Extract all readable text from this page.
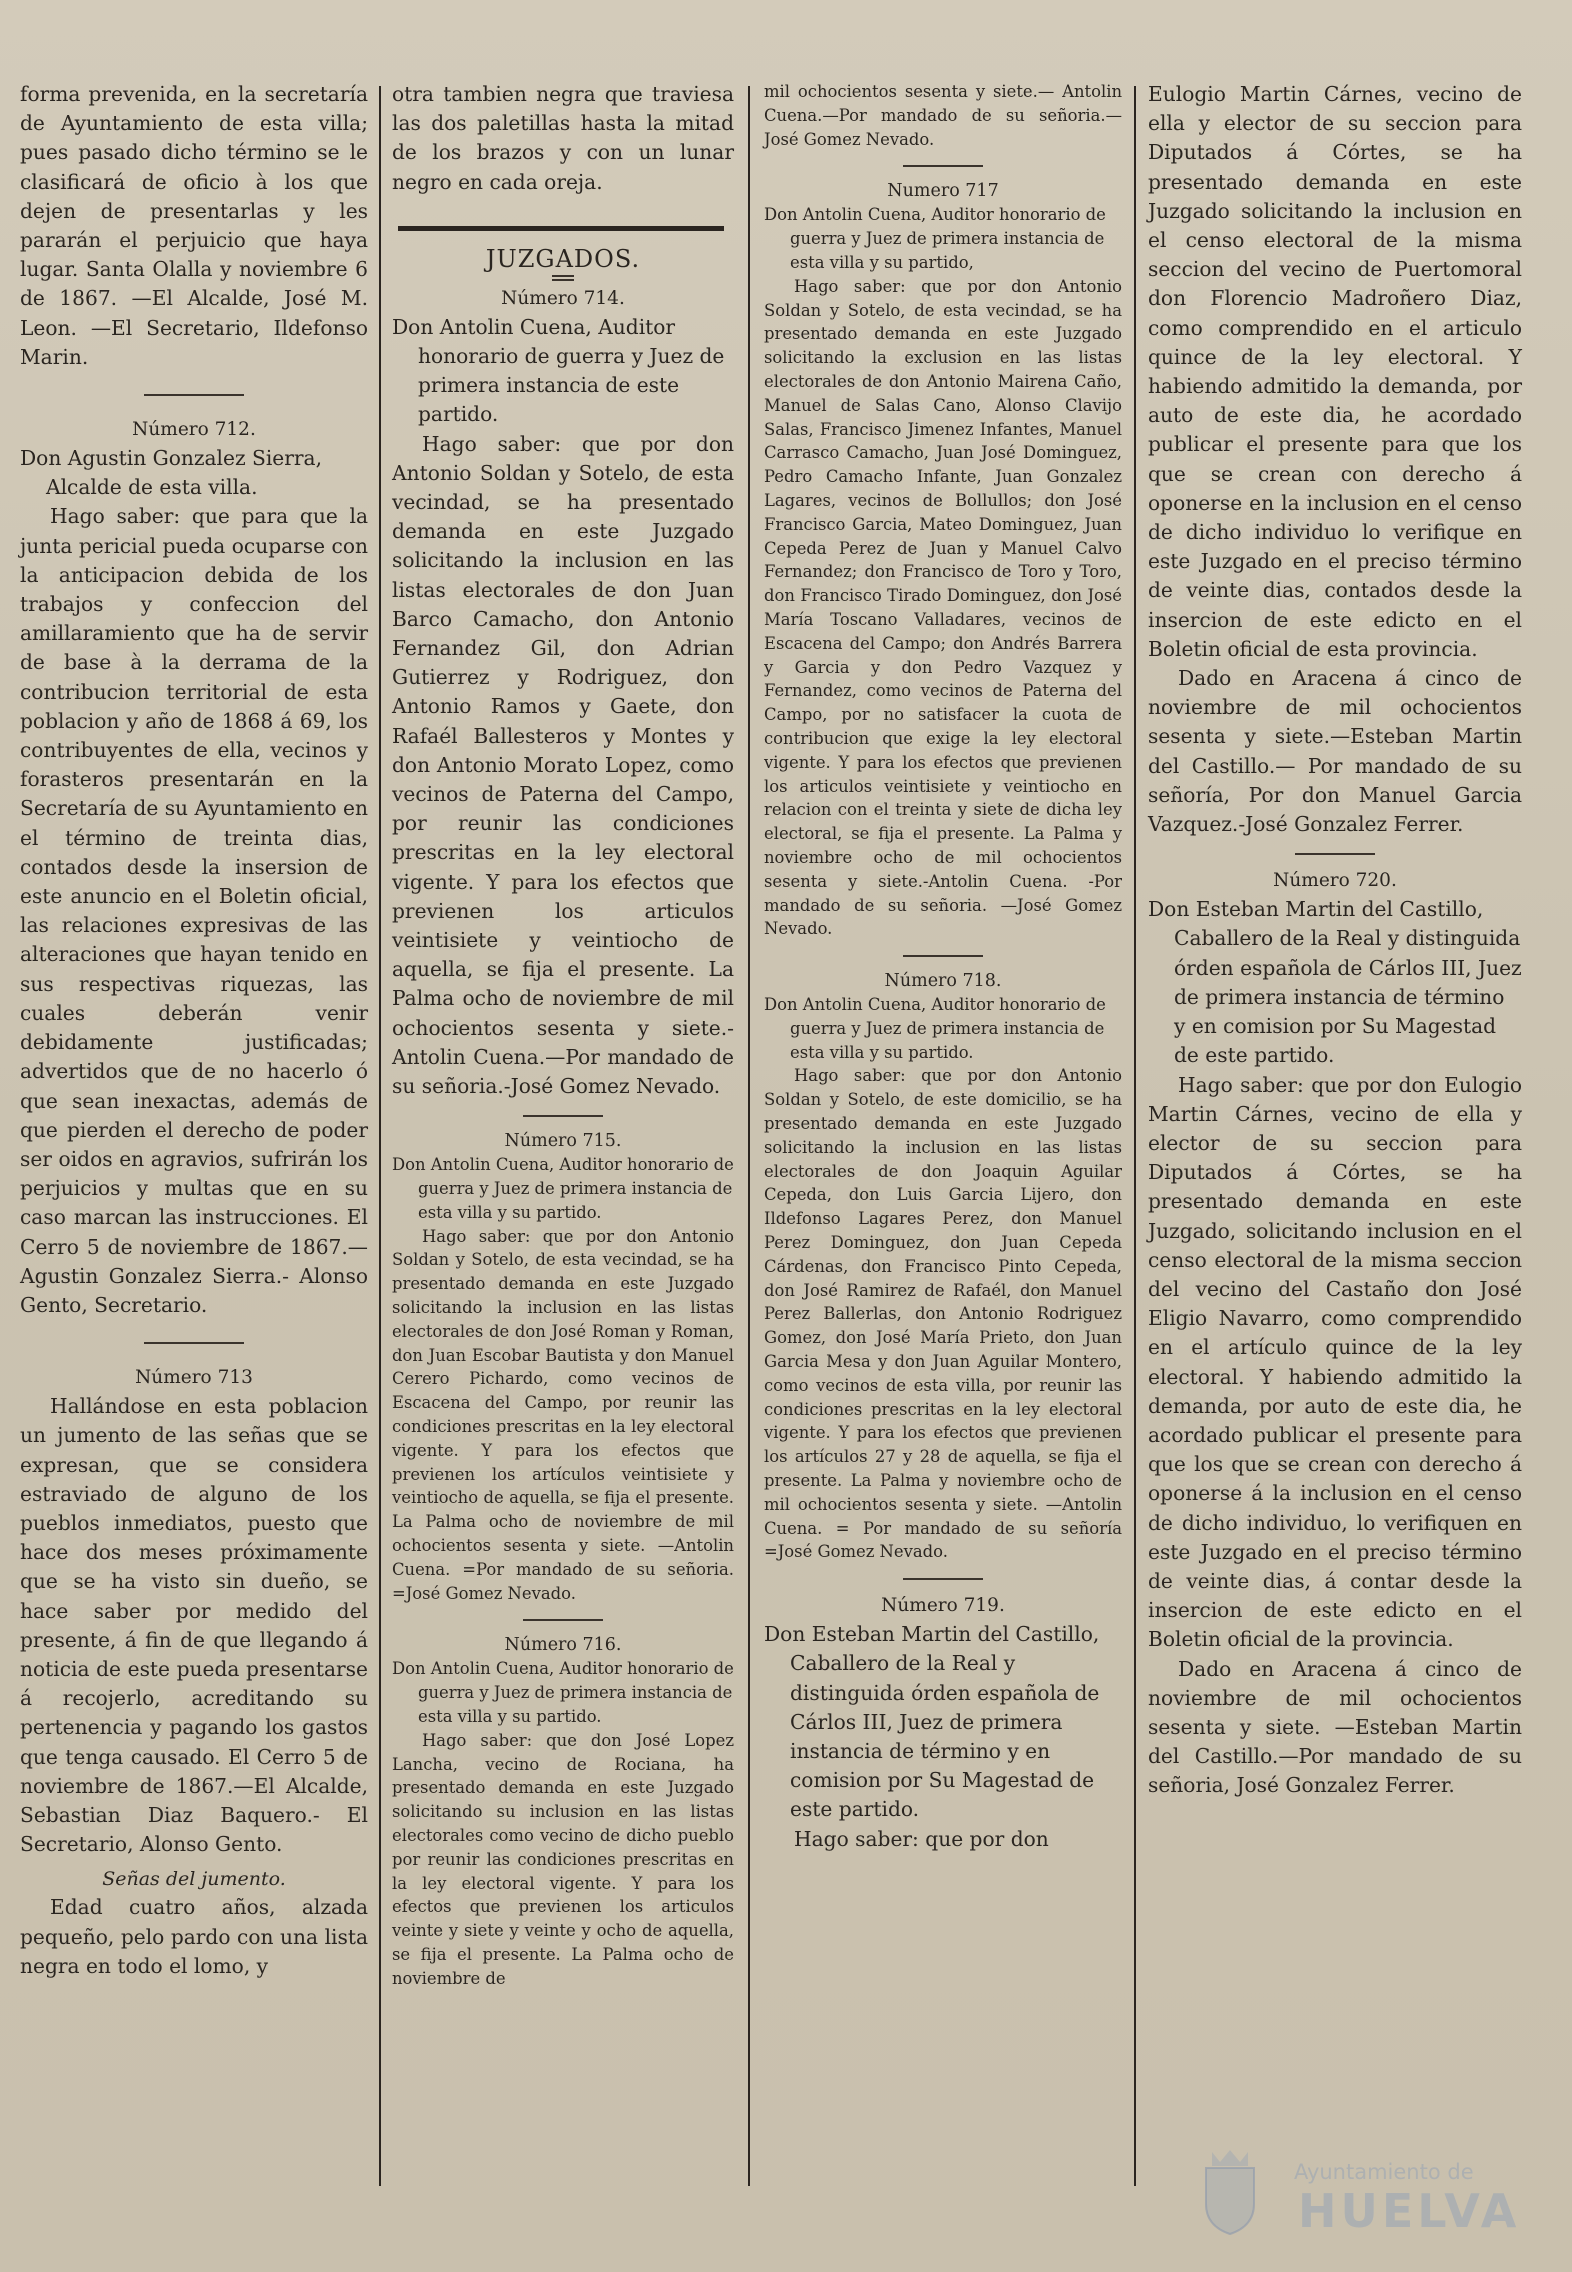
forma prevenida, en la secretaría de Ayuntamiento de esta villa; pues pasado dicho término se le clasificará de oficio à los que dejen de presentarlas y les pararán el perjuicio que haya lugar. Santa Olalla y noviembre 6 de 1867. —El Alcalde, José M. Leon. —El Secretario, Ildefonso Marin.

Número 712.

Don Agustin Gonzalez Sierra, Alcalde de esta villa.

Hago saber: que para que la junta pericial pueda ocuparse con la anticipacion debida de los trabajos y confeccion del amillaramiento que ha de servir de base à la derrama de la contribucion territorial de esta poblacion y año de 1868 á 69, los contribuyentes de ella, vecinos y forasteros presentarán en la Secretaría de su Ayuntamiento en el término de treinta dias, contados desde la insersion de este anuncio en el Boletin oficial, las relaciones expresivas de las alteraciones que hayan tenido en sus respectivas riquezas, las cuales deberán venir debidamente justificadas; advertidos que de no hacerlo ó que sean inexactas, además de que pierden el derecho de poder ser oidos en agravios, sufrirán los perjuicios y multas que en su caso marcan las instrucciones. El Cerro 5 de noviembre de 1867.—Agustin Gonzalez Sierra.- Alonso Gento, Secretario.

Número 713

Hallándose en esta poblacion un jumento de las señas que se expresan, que se considera estraviado de alguno de los pueblos inmediatos, puesto que hace dos meses próximamente que se ha visto sin dueño, se hace saber por medido del presente, á fin de que llegando á noticia de este pueda presentarse á recojerlo, acreditando su pertenencia y pagando los gastos que tenga causado. El Cerro 5 de noviembre de 1867.—El Alcalde, Sebastian Diaz Baquero.- El Secretario, Alonso Gento.

Señas del jumento.

Edad cuatro años, alzada pequeño, pelo pardo con una lista negra en todo el lomo, y

otra tambien negra que traviesa las dos paletillas hasta la mitad de los brazos y con un lunar negro en cada oreja.

JUZGADOS.

Número 714.

Don Antolin Cuena, Auditor honorario de guerra y Juez de primera instancia de este partido.

Hago saber: que por don Antonio Soldan y Sotelo, de esta vecindad, se ha presentado demanda en este Juzgado solicitando la inclusion en las listas electorales de don Juan Barco Camacho, don Antonio Fernandez Gil, don Adrian Gutierrez y Rodriguez, don Antonio Ramos y Gaete, don Rafaél Ballesteros y Montes y don Antonio Morato Lopez, como vecinos de Paterna del Campo, por reunir las condiciones prescritas en la ley electoral vigente. Y para los efectos que previenen los articulos veintisiete y veintiocho de aquella, se fija el presente. La Palma ocho de noviembre de mil ochocientos sesenta y siete.-Antolin Cuena.—Por mandado de su señoria.-José Gomez Nevado.

Número 715.

Don Antolin Cuena, Auditor honorario de guerra y Juez de primera instancia de esta villa y su partido.

Hago saber: que por don Antonio Soldan y Sotelo, de esta vecindad, se ha presentado demanda en este Juzgado solicitando la inclusion en las listas electorales de don José Roman y Roman, don Juan Escobar Bautista y don Manuel Cerero Pichardo, como vecinos de Escacena del Campo, por reunir las condiciones prescritas en la ley electoral vigente. Y para los efectos que previenen los artículos veintisiete y veintiocho de aquella, se fija el presente. La Palma ocho de noviembre de mil ochocientos sesenta y siete. —Antolin Cuena. =Por mandado de su señoria. =José Gomez Nevado.

Número 716.

Don Antolin Cuena, Auditor honorario de guerra y Juez de primera instancia de esta villa y su partido.

Hago saber: que don José Lopez Lancha, vecino de Rociana, ha presentado demanda en este Juzgado solicitando su inclusion en las listas electorales como vecino de dicho pueblo por reunir las condiciones prescritas en la ley electoral vigente. Y para los efectos que previenen los articulos veinte y siete y veinte y ocho de aquella, se fija el presente. La Palma ocho de noviembre de

mil ochocientos sesenta y siete.— Antolin Cuena.—Por mandado de su señoria.— José Gomez Nevado.

Numero 717

Don Antolin Cuena, Auditor honorario de guerra y Juez de primera instancia de esta villa y su partido,

Hago saber: que por don Antonio Soldan y Sotelo, de esta vecindad, se ha presentado demanda en este Juzgado solicitando la exclusion en las listas electorales de don Antonio Mairena Caño, Manuel de Salas Cano, Alonso Clavijo Salas, Francisco Jimenez Infantes, Manuel Carrasco Camacho, Juan José Dominguez, Pedro Camacho Infante, Juan Gonzalez Lagares, vecinos de Bollullos; don José Francisco Garcia, Mateo Dominguez, Juan Cepeda Perez de Juan y Manuel Calvo Fernandez; don Francisco de Toro y Toro, don Francisco Tirado Dominguez, don José María Toscano Valladares, vecinos de Escacena del Campo; don Andrés Barrera y Garcia y don Pedro Vazquez y Fernandez, como vecinos de Paterna del Campo, por no satisfacer la cuota de contribucion que exige la ley electoral vigente. Y para los efectos que previenen los articulos veintisiete y veintiocho en relacion con el treinta y siete de dicha ley electoral, se fija el presente. La Palma y noviembre ocho de mil ochocientos sesenta y siete.-Antolin Cuena. -Por mandado de su señoria. —José Gomez Nevado.

Número 718.

Don Antolin Cuena, Auditor honorario de guerra y Juez de primera instancia de esta villa y su partido.

Hago saber: que por don Antonio Soldan y Sotelo, de este domicilio, se ha presentado demanda en este Juzgado solicitando la inclusion en las listas electorales de don Joaquin Aguilar Cepeda, don Luis Garcia Lijero, don Ildefonso Lagares Perez, don Manuel Perez Dominguez, don Juan Cepeda Cárdenas, don Francisco Pinto Cepeda, don José Ramirez de Rafaél, don Manuel Perez Ballerlas, don Antonio Rodriguez Gomez, don José María Prieto, don Juan Garcia Mesa y don Juan Aguilar Montero, como vecinos de esta villa, por reunir las condiciones prescritas en la ley electoral vigente. Y para los efectos que previenen los artículos 27 y 28 de aquella, se fija el presente. La Palma y noviembre ocho de mil ochocientos sesenta y siete. —Antolin Cuena. = Por mandado de su señoría =José Gomez Nevado.

Número 719.

Don Esteban Martin del Castillo, Caballero de la Real y distinguida órden española de Cárlos III, Juez de primera instancia de término y en comision por Su Magestad de este partido.

Hago saber: que por don

Eulogio Martin Cárnes, vecino de ella y elector de su seccion para Diputados á Córtes, se ha presentado demanda en este Juzgado solicitando la inclusion en el censo electoral de la misma seccion del vecino de Puertomoral don Florencio Madroñero Diaz, como comprendido en el articulo quince de la ley electoral. Y habiendo admitido la demanda, por auto de este dia, he acordado publicar el presente para que los que se crean con derecho á oponerse en la inclusion en el censo de dicho individuo lo verifique en este Juzgado en el preciso término de veinte dias, contados desde la insercion de este edicto en el Boletin oficial de esta provincia.

Dado en Aracena á cinco de noviembre de mil ochocientos sesenta y siete.—Esteban Martin del Castillo.— Por mandado de su señoría, Por don Manuel Garcia Vazquez.-José Gonzalez Ferrer.

Número 720.

Don Esteban Martin del Castillo, Caballero de la Real y distinguida órden española de Cárlos III, Juez de primera instancia de término y en comision por Su Magestad de este partido.

Hago saber: que por don Eulogio Martin Cárnes, vecino de ella y elector de su seccion para Diputados á Córtes, se ha presentado demanda en este Juzgado, solicitando inclusion en el censo electoral de la misma seccion del vecino del Castaño don José Eligio Navarro, como comprendido en el artículo quince de la ley electoral. Y habiendo admitido la demanda, por auto de este dia, he acordado publicar el presente para que los que se crean con derecho á oponerse á la inclusion en el censo de dicho individuo, lo verifiquen en este Juzgado en el preciso término de veinte dias, á contar desde la insercion de este edicto en el Boletin oficial de la provincia.

Dado en Aracena á cinco de noviembre de mil ochocientos sesenta y siete. —Esteban Martin del Castillo.—Por mandado de su señoria, José Gonzalez Ferrer.

Ayuntamiento de
HUELVA
